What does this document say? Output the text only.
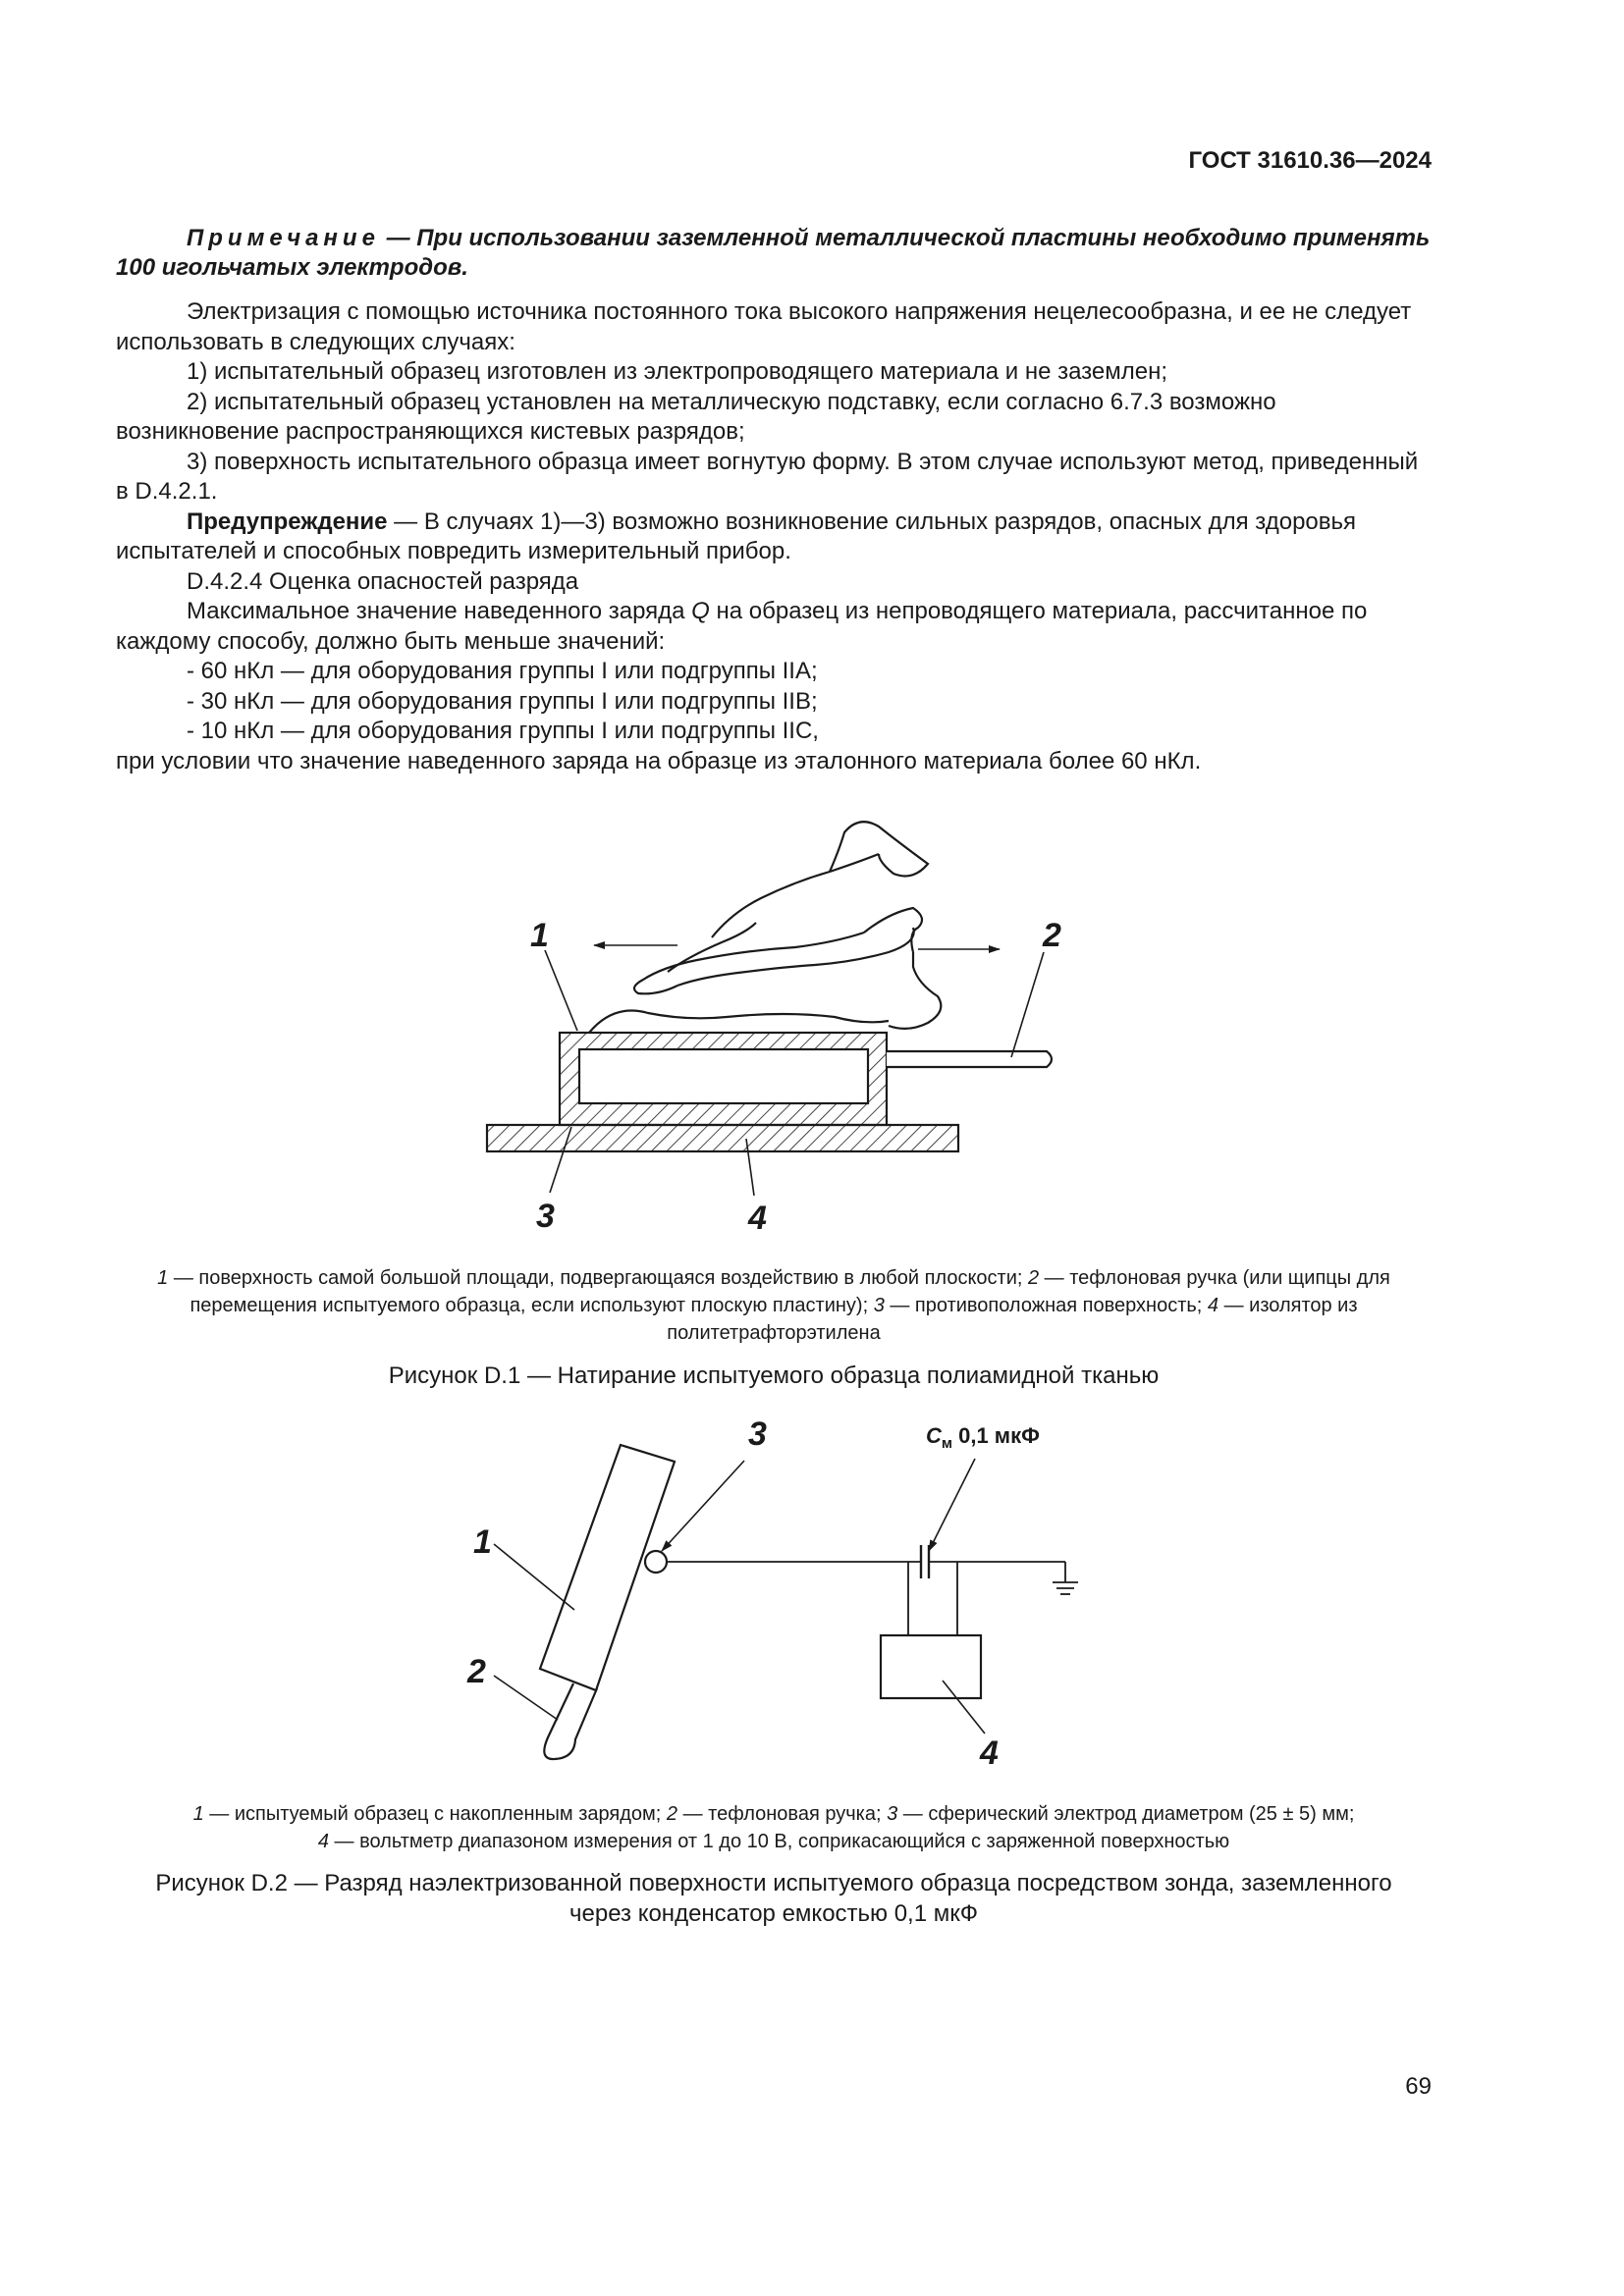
ГОСТ 31610.36—2024

Примечание — При использовании заземленной металлической пластины необходимо применять 100 игольчатых электродов.

Электризация с помощью источника постоянного тока высокого напряжения нецелесообразна, и ее не следует использовать в следующих случаях:

1) испытательный образец изготовлен из электропроводящего материала и не заземлен;

2) испытательный образец установлен на металлическую подставку, если согласно 6.7.3 возможно возникновение распространяющихся кистевых разрядов;

3) поверхность испытательного образца имеет вогнутую форму. В этом случае используют метод, приведенный в D.4.2.1.

Предупреждение — В случаях 1)—3) возможно возникновение сильных разрядов, опасных для здоровья испытателей и способных повредить измерительный прибор.

D.4.2.4 Оценка опасностей разряда

Максимальное значение наведенного заряда Q на образец из непроводящего материала, рассчитанное по каждому способу, должно быть меньше значений:

- 60 нКл — для оборудования группы I или подгруппы IIA;

- 30 нКл — для оборудования группы I или подгруппы IIB;

- 10 нКл — для оборудования группы I или подгруппы IIC,

при условии что значение наведенного заряда на образце из эталонного материала более 60 нКл.

1	2
3	4
1
2
3
4
$C_м$ 0,1 мкФ
1 — поверхность самой большой площади, подвергающаяся воздействию в любой плоскости; 2 — тефлоновая ручка (или щипцы для перемещения испытуемого образца, если используют плоскую пластину); 3 — противоположная поверхность; 4 — изолятор из политетрафторэтилена
Рисунок D.1 — Натирание испытуемого образца полиамидной тканью
1 — испытуемый образец с накопленным зарядом; 2 — тефлоновая ручка; 3 — сферический электрод диаметром (25 ± 5) мм;
4 — вольтметр диапазоном измерения от 1 до 10 В, соприкасающийся с заряженной поверхностью
Рисунок D.2 — Разряд наэлектризованной поверхности испытуемого образца посредством зонда, заземленного
через конденсатор емкостью 0,1 мкФ
69
